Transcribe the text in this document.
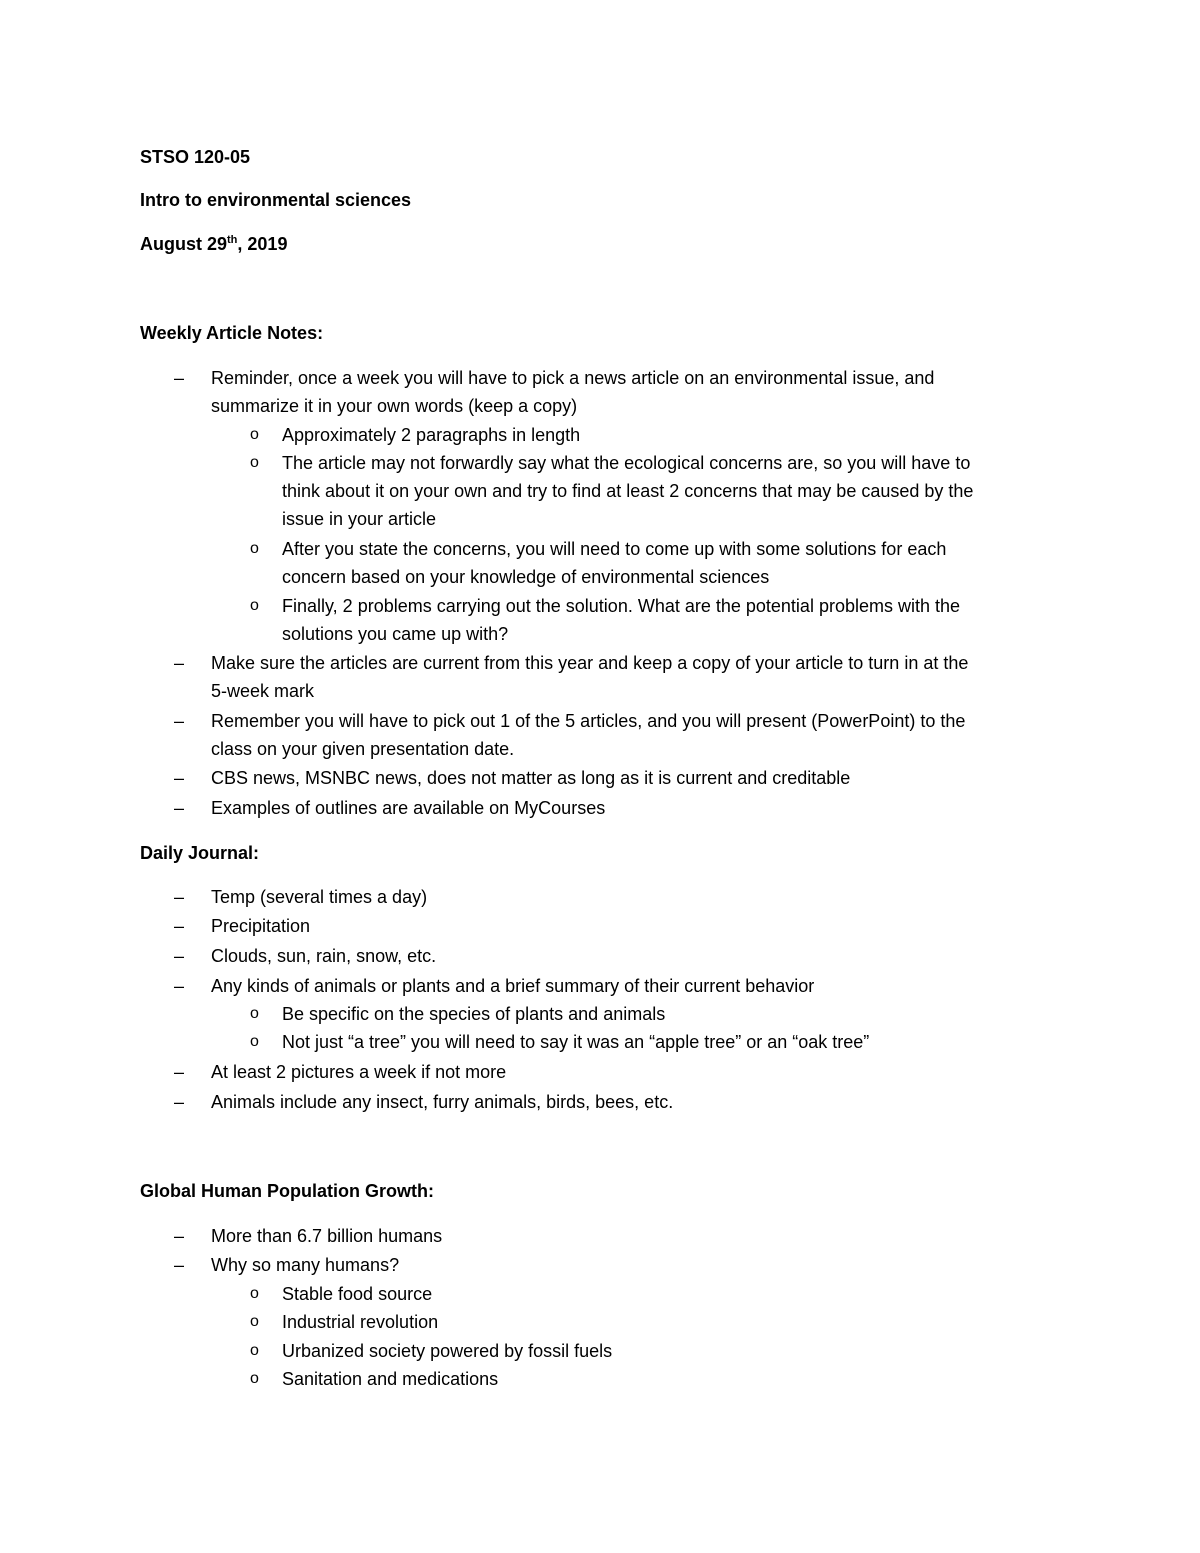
STSO 120-05
Intro to environmental sciences
August 29th, 2019
Weekly Article Notes:
– Reminder, once a week you will have to pick a news article on an environmental issue, and
summarize it in your own words (keep a copy)
o Approximately 2 paragraphs in length
o The article may not forwardly say what the ecological concerns are, so you will have to
think about it on your own and try to find at least 2 concerns that may be caused by the
issue in your article
o After you state the concerns, you will need to come up with some solutions for each
concern based on your knowledge of environmental sciences
o Finally, 2 problems carrying out the solution. What are the potential problems with the
solutions you came up with?
– Make sure the articles are current from this year and keep a copy of your article to turn in at the
5-week mark
– Remember you will have to pick out 1 of the 5 articles, and you will present (PowerPoint) to the
class on your given presentation date.
– CBS news, MSNBC news, does not matter as long as it is current and creditable
– Examples of outlines are available on MyCourses
Daily Journal:
– Temp (several times a day)
– Precipitation
– Clouds, sun, rain, snow, etc.
– Any kinds of animals or plants and a brief summary of their current behavior
o Be specific on the species of plants and animals
o Not just “a tree” you will need to say it was an “apple tree” or an “oak tree”
– At least 2 pictures a week if not more
– Animals include any insect, furry animals, birds, bees, etc.
Global Human Population Growth:
– More than 6.7 billion humans
– Why so many humans?
o Stable food source
o Industrial revolution
o Urbanized society powered by fossil fuels
o Sanitation and medications
